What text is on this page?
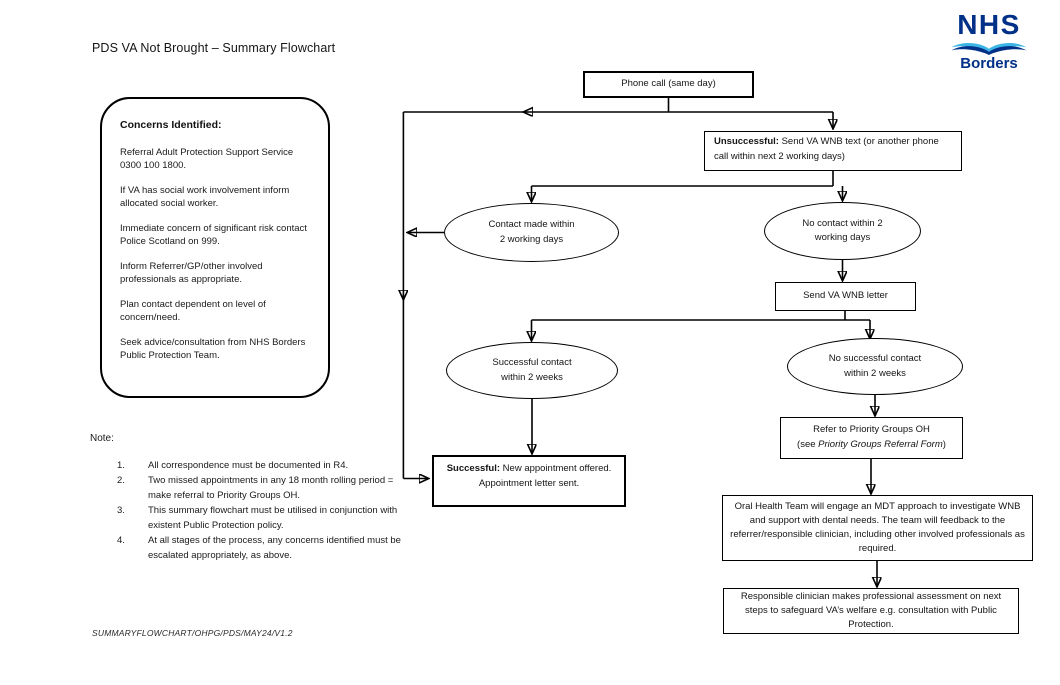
PDS VA Not Brought – Summary Flowchart
NHS
Borders
Concerns Identified:

Referral Adult Protection Support Service 0300 100 1800.

If VA has social work involvement inform allocated social worker.

Immediate concern of significant risk contact Police Scotland on 999.

Inform Referrer/GP/other involved professionals as appropriate.

Plan contact dependent on level of concern/need.

Seek advice/consultation from NHS Borders Public Protection Team.

Note:
1.	All correspondence must be documented in R4.
2.	Two missed appointments in any 18 month rolling period = make referral to Priority Groups OH.
3.	This summary flowchart must be utilised in conjunction with existent Public Protection policy.
4.	At all stages of the process, any concerns identified must be escalated appropriately, as above.
SUMMARYFLOWCHART/OHPG/PDS/MAY24/V1.2
Phone call (same day)
Unsuccessful: Send VA WNB text (or another phone call within next 2 working days)
Contact made within
2 working days
No contact within 2
working days
Send VA WNB letter
Successful contact
within 2 weeks
No successful contact
within 2 weeks
Refer to Priority Groups OH
(see Priority Groups Referral Form)
Successful: New appointment offered. Appointment letter sent.
Oral Health Team will engage an MDT approach to investigate WNB and support with dental needs. The team will feedback to the referrer/responsible clinician, including other involved professionals as required.
Responsible clinician makes professional assessment on next steps to safeguard VA’s welfare e.g. consultation with Public Protection.
